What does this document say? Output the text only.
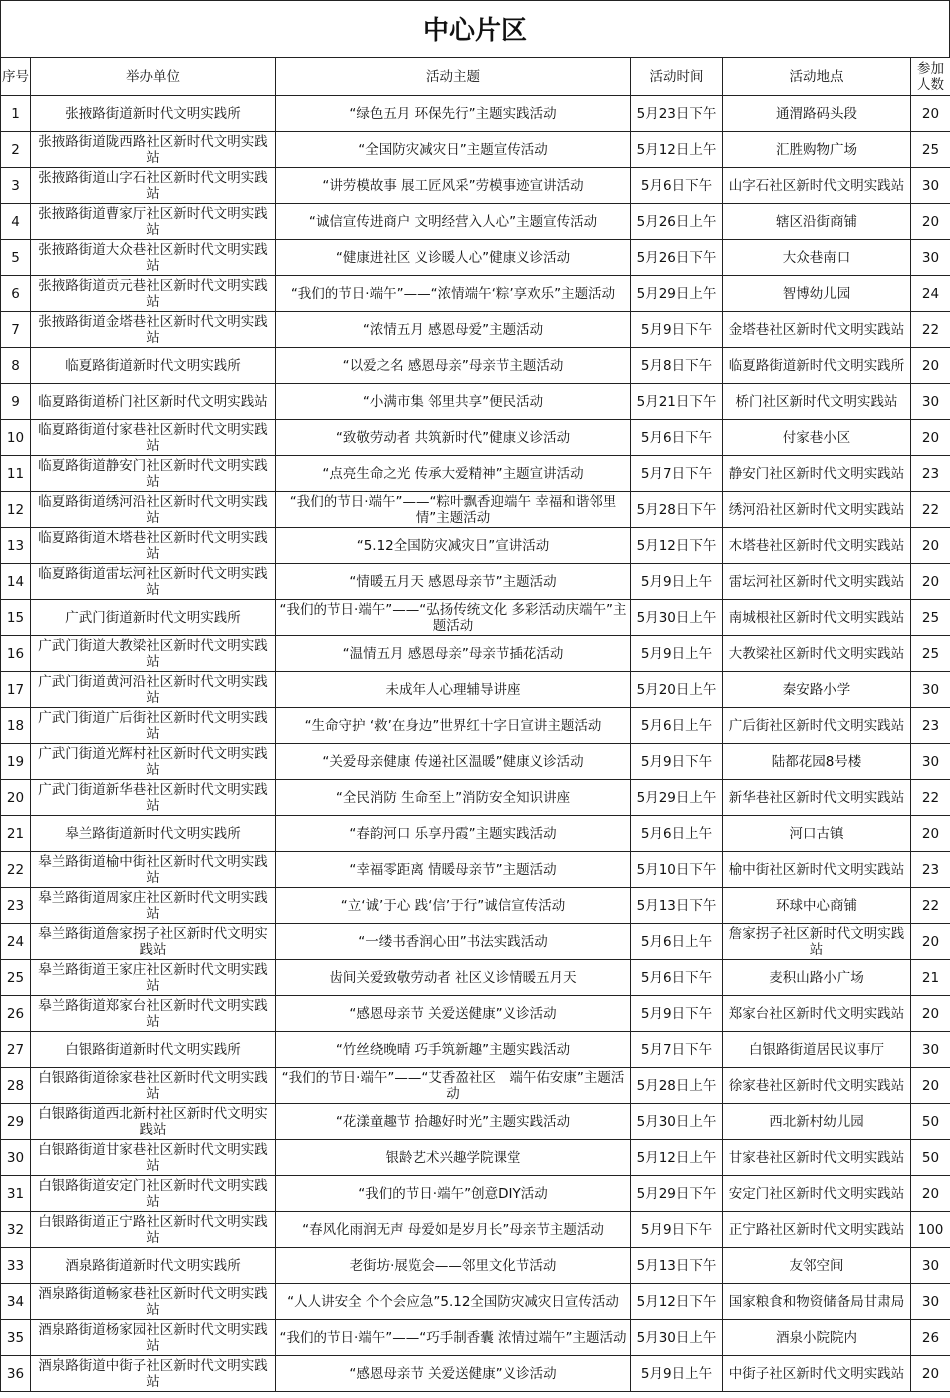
中心片区
序号	举办单位	活动主题	活动时间	活动地点	参加人数
1	张掖路街道新时代文明实践所	“绿色五月 环保先行”主题实践活动	5月23日下午	通渭路码头段	20
2	张掖路街道陇西路社区新时代文明实践站	“全国防灾减灾日”主题宣传活动	5月12日上午	汇胜购物广场	25
3	张掖路街道山字石社区新时代文明实践站	“讲劳模故事 展工匠风采”劳模事迹宣讲活动	5月6日下午	山字石社区新时代文明实践站	30
4	张掖路街道曹家厅社区新时代文明实践站	“诚信宣传进商户 文明经营入人心”主题宣传活动	5月26日上午	辖区沿街商铺	20
5	张掖路街道大众巷社区新时代文明实践站	“健康进社区 义诊暖人心”健康义诊活动	5月26日下午	大众巷南口	30
6	张掖路街道贡元巷社区新时代文明实践站	“我们的节日·端午”——“浓情端午‘粽’享欢乐”主题活动	5月29日上午	智博幼儿园	24
7	张掖路街道金塔巷社区新时代文明实践站	“浓情五月 感恩母爱”主题活动	5月9日下午	金塔巷社区新时代文明实践站	22
8	临夏路街道新时代文明实践所	“以爱之名 感恩母亲”母亲节主题活动	5月8日下午	临夏路街道新时代文明实践所	20
9	临夏路街道桥门社区新时代文明实践站	“小满市集 邻里共享”便民活动	5月21日下午	桥门社区新时代文明实践站	30
10	临夏路街道付家巷社区新时代文明实践站	“致敬劳动者 共筑新时代”健康义诊活动	5月6日下午	付家巷小区	20
11	临夏路街道静安门社区新时代文明实践站	“点亮生命之光 传承大爱精神”主题宣讲活动	5月7日下午	静安门社区新时代文明实践站	23
12	临夏路街道绣河沿社区新时代文明实践站	“我们的节日·端午”——“粽叶飘香迎端午 幸福和谐邻里情”主题活动	5月28日下午	绣河沿社区新时代文明实践站	22
13	临夏路街道木塔巷社区新时代文明实践站	“5.12全国防灾减灾日”宣讲活动	5月12日下午	木塔巷社区新时代文明实践站	20
14	临夏路街道雷坛河社区新时代文明实践站	“情暖五月天 感恩母亲节”主题活动	5月9日上午	雷坛河社区新时代文明实践站	20
15	广武门街道新时代文明实践所	“我们的节日·端午”——“弘扬传统文化 多彩活动庆端午”主题活动	5月30日上午	南城根社区新时代文明实践站	25
16	广武门街道大教梁社区新时代文明实践站	“温情五月 感恩母亲”母亲节插花活动	5月9日上午	大教梁社区新时代文明实践站	25
17	广武门街道黄河沿社区新时代文明实践站	未成年人心理辅导讲座	5月20日上午	秦安路小学	30
18	广武门街道广后街社区新时代文明实践站	“生命守护 ‘救’在身边”世界红十字日宣讲主题活动	5月6日上午	广后街社区新时代文明实践站	23
19	广武门街道光辉村社区新时代文明实践站	“关爱母亲健康 传递社区温暖”健康义诊活动	5月9日下午	陆都花园8号楼	30
20	广武门街道新华巷社区新时代文明实践站	“全民消防 生命至上”消防安全知识讲座	5月29日上午	新华巷社区新时代文明实践站	22
21	皋兰路街道新时代文明实践所	“春韵河口 乐享丹霞”主题实践活动	5月6日上午	河口古镇	20
22	皋兰路街道榆中街社区新时代文明实践站	“幸福零距离 情暖母亲节”主题活动	5月10日下午	榆中街社区新时代文明实践站	23
23	皋兰路街道周家庄社区新时代文明实践站	“立‘诚’于心 践‘信’于行”诚信宣传活动	5月13日下午	环球中心商铺	22
24	皋兰路街道詹家拐子社区新时代文明实践站	“一缕书香润心田”书法实践活动	5月6日上午	詹家拐子社区新时代文明实践站	20
25	皋兰路街道王家庄社区新时代文明实践站	齿间关爱致敬劳动者 社区义诊情暖五月天	5月6日下午	麦积山路小广场	21
26	皋兰路街道郑家台社区新时代文明实践站	“感恩母亲节 关爱送健康”义诊活动	5月9日下午	郑家台社区新时代文明实践站	20
27	白银路街道新时代文明实践所	“竹丝绕晚晴 巧手筑新趣”主题实践活动	5月7日下午	白银路街道居民议事厅	30
28	白银路街道徐家巷社区新时代文明实践站	“我们的节日·端午”——“艾香盈社区　端午佑安康”主题活动	5月28日上午	徐家巷社区新时代文明实践站	20
29	白银路街道西北新村社区新时代文明实践站	“花漾童趣节 拾趣好时光”主题实践活动	5月30日上午	西北新村幼儿园	50
30	白银路街道甘家巷社区新时代文明实践站	银龄艺术兴趣学院课堂	5月12日上午	甘家巷社区新时代文明实践站	50
31	白银路街道安定门社区新时代文明实践站	“我们的节日·端午”创意DIY活动	5月29日下午	安定门社区新时代文明实践站	20
32	白银路街道正宁路社区新时代文明实践站	“春风化雨润无声 母爱如是岁月长”母亲节主题活动	5月9日下午	正宁路社区新时代文明实践站	100
33	酒泉路街道新时代文明实践所	老街坊·展览会——邻里文化节活动	5月13日下午	友邻空间	30
34	酒泉路街道畅家巷社区新时代文明实践站	“人人讲安全 个个会应急”5.12全国防灾减灾日宣传活动	5月12日下午	国家粮食和物资储备局甘肃局	30
35	酒泉路街道杨家园社区新时代文明实践站	“我们的节日·端午”——“巧手制香囊 浓情过端午”主题活动	5月30日上午	酒泉小院院内	26
36	酒泉路街道中街子社区新时代文明实践站	“感恩母亲节 关爱送健康”义诊活动	5月9日上午	中街子社区新时代文明实践站	20
